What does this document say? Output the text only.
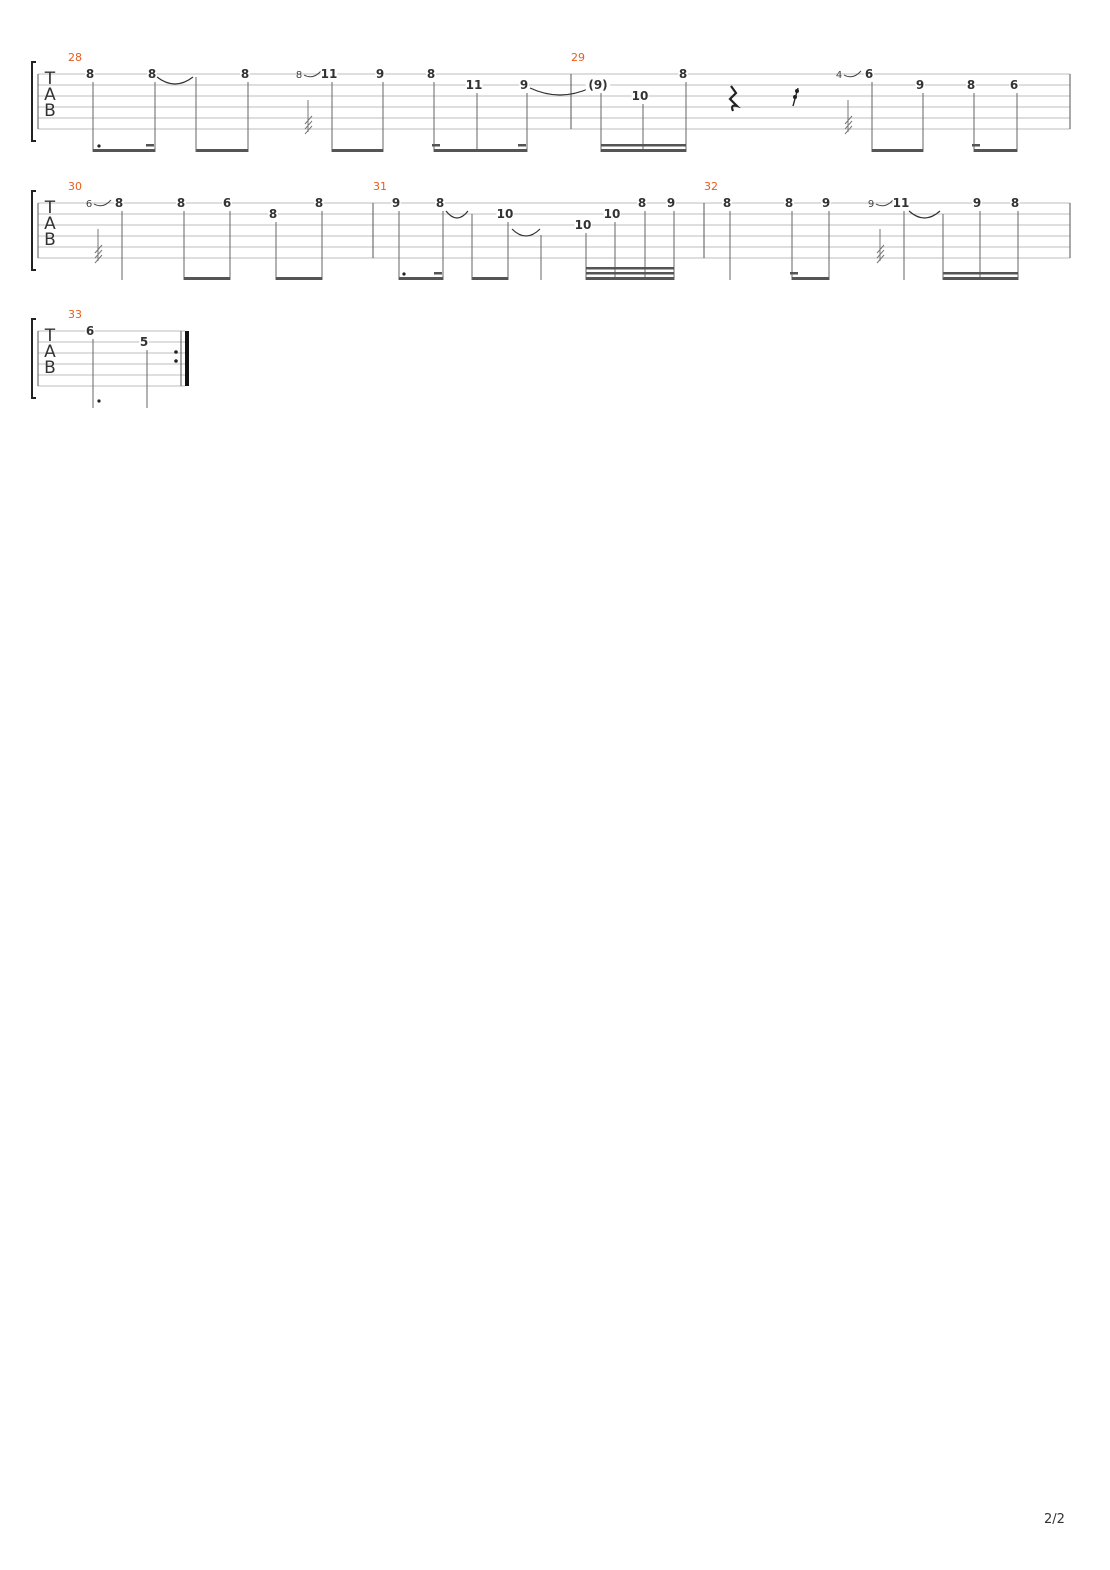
T
A
B
T
A
B
T
A
B
28
8	8	8	11
8	9	8
11	9
29
(9)
10
8	6
4
9	8	6
30
8
6	8	6
8
8
31
9	8
10
10
10
8 9
32
8	8 9	11
9	9 8
33
6
5
2/2
